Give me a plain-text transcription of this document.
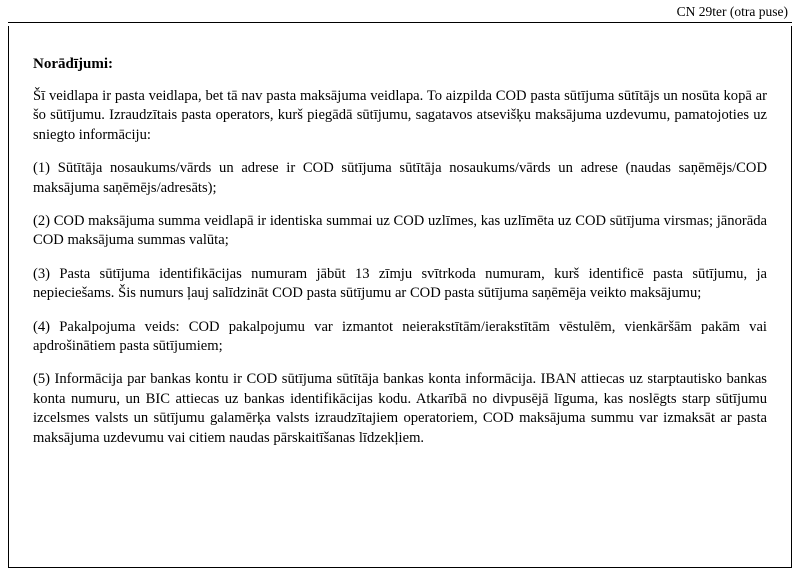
CN 29ter (otra puse)
Norādījumi:

Šī veidlapa ir pasta veidlapa, bet tā nav pasta maksājuma veidlapa. To aizpilda COD pasta sūtījuma sūtītājs un nosūta kopā ar šo sūtījumu. Izraudzītais pasta operators, kurš piegādā sūtījumu, sagatavos atsevišķu maksājuma uzdevumu, pamatojoties uz sniegto informāciju:

(1) Sūtītāja nosaukums/vārds un adrese ir COD sūtījuma sūtītāja nosaukums/vārds un adrese (naudas saņēmējs/COD maksājuma saņēmējs/adresāts);

(2) COD maksājuma summa veidlapā ir identiska summai uz COD uzlīmes, kas uzlīmēta uz COD sūtījuma virsmas; jānorāda COD maksājuma summas valūta;

(3) Pasta sūtījuma identifikācijas numuram jābūt 13 zīmju svītrkoda numuram, kurš identificē pasta sūtījumu, ja nepieciešams. Šis numurs ļauj salīdzināt COD pasta sūtījumu ar COD pasta sūtījuma saņēmēja veikto maksājumu;

(4) Pakalpojuma veids: COD pakalpojumu var izmantot neierakstītām/ierakstītām vēstulēm, vienkāršām pakām vai apdrošinātiem pasta sūtījumiem;

(5) Informācija par bankas kontu ir COD sūtījuma sūtītāja bankas konta informācija. IBAN attiecas uz starptautisko bankas konta numuru, un BIC attiecas uz bankas identifikācijas kodu. Atkarībā no divpusējā līguma, kas noslēgts starp sūtījumu izcelsmes valsts un sūtījumu galamērķa valsts izraudzītajiem operatoriem, COD maksājuma summu var izmaksāt ar pasta maksājuma uzdevumu vai citiem naudas pārskaitīšanas līdzekļiem.
